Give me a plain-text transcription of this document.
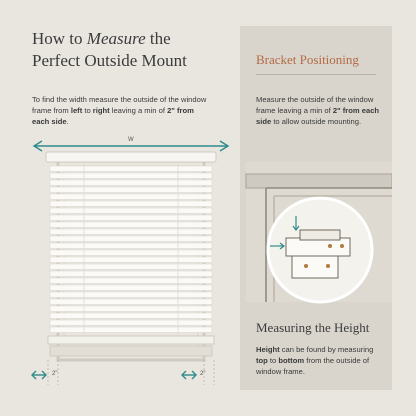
How to Measure the
Perfect Outside Mount

To find the width measure the outside of the window frame from left to right leaving a min of 2" from each side.

W
2"	2"
Bracket Positioning

Measure the outside of the window frame leaving a min of 2" from each side to allow outside mounting.

Measuring the Height

Height can be found by measuring top to bottom from the outside of window frame.
